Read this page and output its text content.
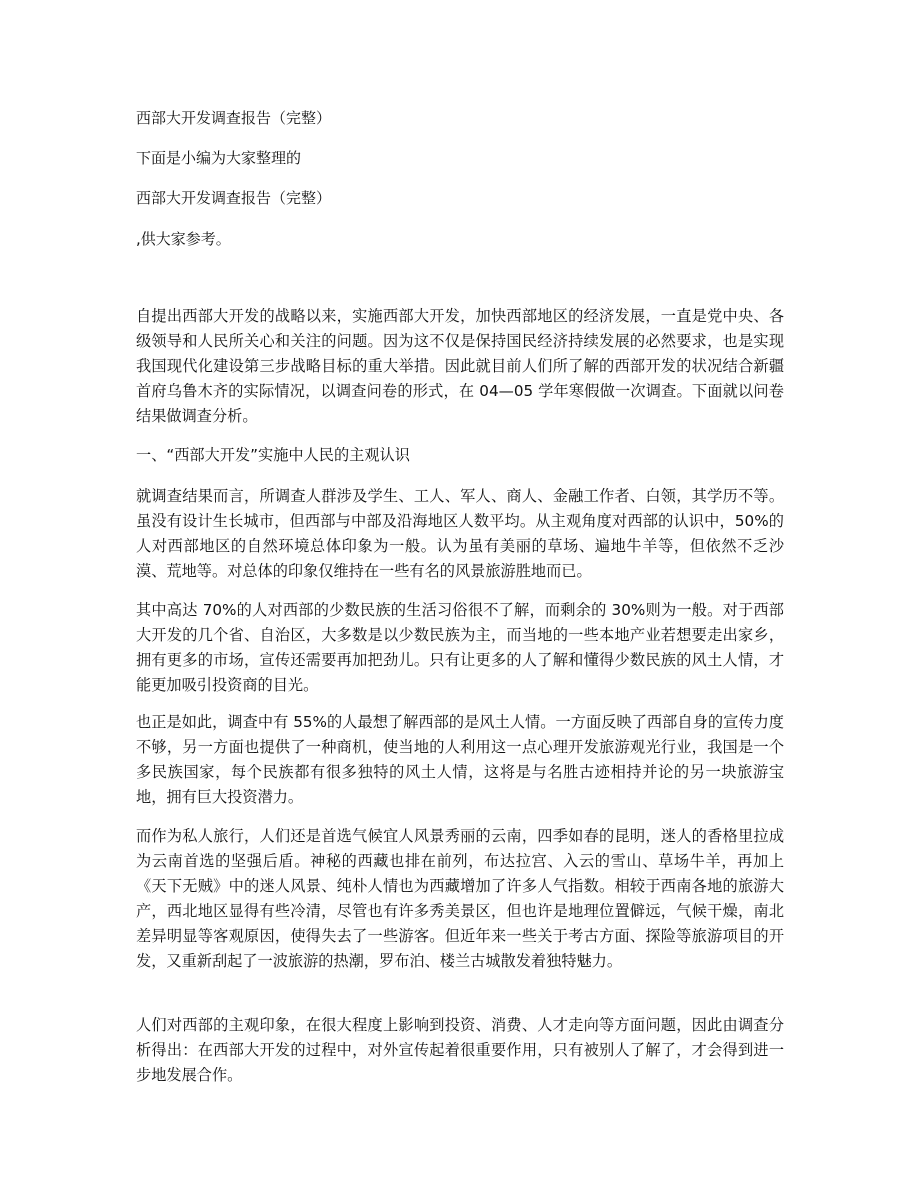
西部大开发调查报告（完整）
下面是小编为大家整理的
西部大开发调查报告（完整）
,供大家参考。
自提出西部大开发的战略以来，实施西部大开发，加快西部地区的经济发展，一直是党中央、各级领导和人民所关心和关注的问题。因为这不仅是保持国民经济持续发展的必然要求，也是实现我国现代化建设第三步战略目标的重大举措。因此就目前人们所了解的西部开发的状况结合新疆首府乌鲁木齐的实际情况，以调查问卷的形式，在 04—05 学年寒假做一次调查。下面就以问卷结果做调查分析。
一、“西部大开发”实施中人民的主观认识
就调查结果而言，所调查人群涉及学生、工人、军人、商人、金融工作者、白领，其学历不等。虽没有设计生长城市，但西部与中部及沿海地区人数平均。从主观角度对西部的认识中，50%的人对西部地区的自然环境总体印象为一般。认为虽有美丽的草场、遍地牛羊等，但依然不乏沙漠、荒地等。对总体的印象仅维持在一些有名的风景旅游胜地而已。
其中高达 70%的人对西部的少数民族的生活习俗很不了解，而剩余的 30%则为一般。对于西部大开发的几个省、自治区，大多数是以少数民族为主，而当地的一些本地产业若想要走出家乡，拥有更多的市场，宣传还需要再加把劲儿。只有让更多的人了解和懂得少数民族的风土人情，才能更加吸引投资商的目光。
也正是如此，调查中有 55%的人最想了解西部的是风土人情。一方面反映了西部自身的宣传力度不够，另一方面也提供了一种商机，使当地的人利用这一点心理开发旅游观光行业，我国是一个多民族国家，每个民族都有很多独特的风土人情，这将是与名胜古迹相持并论的另一块旅游宝地，拥有巨大投资潜力。
而作为私人旅行，人们还是首选气候宜人风景秀丽的云南，四季如春的昆明，迷人的香格里拉成为云南首选的坚强后盾。神秘的西藏也排在前列，布达拉宫、入云的雪山、草场牛羊，再加上《天下无贼》中的迷人风景、纯朴人情也为西藏增加了许多人气指数。相较于西南各地的旅游大产，西北地区显得有些冷清，尽管也有许多秀美景区，但也许是地理位置僻远，气候干燥，南北差异明显等客观原因，使得失去了一些游客。但近年来一些关于考古方面、探险等旅游项目的开发，又重新刮起了一波旅游的热潮，罗布泊、楼兰古城散发着独特魅力。
人们对西部的主观印象，在很大程度上影响到投资、消费、人才走向等方面问题，因此由调查分析得出：在西部大开发的过程中，对外宣传起着很重要作用，只有被别人了解了，才会得到进一步地发展合作。
